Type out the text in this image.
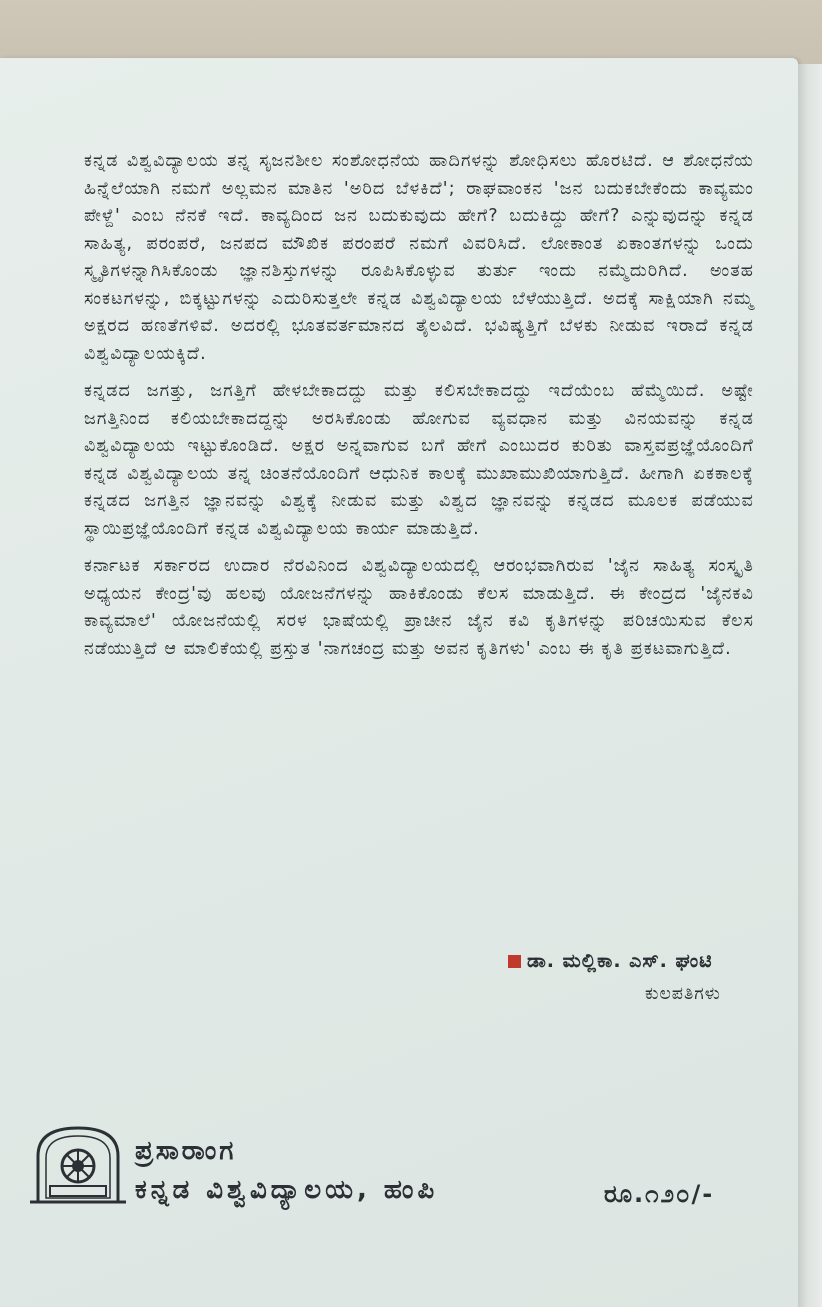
ಕನ್ನಡ ವಿಶ್ವವಿದ್ಯಾಲಯ ತನ್ನ ಸೃಜನಶೀಲ ಸಂಶೋಧನೆಯ ಹಾದಿಗಳನ್ನು ಶೋಧಿಸಲು ಹೊರಟಿದೆ. ಆ ಶೋಧನೆಯ ಹಿನ್ನೆಲೆಯಾಗಿ ನಮಗೆ ಅಲ್ಲಮನ ಮಾತಿನ 'ಅರಿದ ಬೆಳಕಿದೆ'; ರಾಘವಾಂಕನ 'ಜನ ಬದುಕಬೇಕೆಂದು ಕಾವ್ಯಮಂ ಪೇಳ್ದೆ' ಎಂಬ ನೆನಕೆ ಇದೆ. ಕಾವ್ಯದಿಂದ ಜನ ಬದುಕುವುದು ಹೇಗೆ? ಬದುಕಿದ್ದು ಹೇಗೆ? ಎನ್ನುವುದನ್ನು ಕನ್ನಡ ಸಾಹಿತ್ಯ, ಪರಂಪರೆ, ಜನಪದ ಮೌಖಿಕ ಪರಂಪರೆ ನಮಗೆ ವಿವರಿಸಿದೆ. ಲೋಕಾಂತ ಏಕಾಂತಗಳನ್ನು ಒಂದು ಸ್ಮೃತಿಗಳನ್ನಾಗಿಸಿಕೊಂಡು ಜ್ಞಾನಶಿಸ್ತುಗಳನ್ನು ರೂಪಿಸಿಕೊಳ್ಳುವ ತುರ್ತು ಇಂದು ನಮ್ಮೆದುರಿಗಿದೆ. ಅಂತಹ ಸಂಕಟಗಳನ್ನು, ಬಿಕ್ಕಟ್ಟುಗಳನ್ನು ಎದುರಿಸುತ್ತಲೇ ಕನ್ನಡ ವಿಶ್ವವಿದ್ಯಾಲಯ ಬೆಳೆಯುತ್ತಿದೆ. ಅದಕ್ಕೆ ಸಾಕ್ಷಿಯಾಗಿ ನಮ್ಮ ಅಕ್ಷರದ ಹಣತೆಗಳಿವೆ. ಅದರಲ್ಲಿ ಭೂತವರ್ತಮಾನದ ತೈಲವಿದೆ. ಭವಿಷ್ಯತ್ತಿಗೆ ಬೆಳಕು ನೀಡುವ ಇರಾದೆ ಕನ್ನಡ ವಿಶ್ವವಿದ್ಯಾಲಯಕ್ಕಿದೆ.

ಕನ್ನಡದ ಜಗತ್ತು, ಜಗತ್ತಿಗೆ ಹೇಳಬೇಕಾದದ್ದು ಮತ್ತು ಕಲಿಸಬೇಕಾದದ್ದು ಇದೆಯೆಂಬ ಹೆಮ್ಮೆಯಿದೆ. ಅಷ್ಟೇ ಜಗತ್ತಿನಿಂದ ಕಲಿಯಬೇಕಾದದ್ದನ್ನು ಅರಸಿಕೊಂಡು ಹೋಗುವ ವ್ಯವಧಾನ ಮತ್ತು ವಿನಯವನ್ನು ಕನ್ನಡ ವಿಶ್ವವಿದ್ಯಾಲಯ ಇಟ್ಟುಕೊಂಡಿದೆ. ಅಕ್ಷರ ಅನ್ನವಾಗುವ ಬಗೆ ಹೇಗೆ ಎಂಬುದರ ಕುರಿತು ವಾಸ್ತವಪ್ರಜ್ಞೆಯೊಂದಿಗೆ ಕನ್ನಡ ವಿಶ್ವವಿದ್ಯಾಲಯ ತನ್ನ ಚಿಂತನೆಯೊಂದಿಗೆ ಆಧುನಿಕ ಕಾಲಕ್ಕೆ ಮುಖಾಮುಖಿಯಾಗುತ್ತಿದೆ. ಹೀಗಾಗಿ ಏಕಕಾಲಕ್ಕೆ ಕನ್ನಡದ ಜಗತ್ತಿನ ಜ್ಞಾನವನ್ನು ವಿಶ್ವಕ್ಕೆ ನೀಡುವ ಮತ್ತು ವಿಶ್ವದ ಜ್ಞಾನವನ್ನು ಕನ್ನಡದ ಮೂಲಕ ಪಡೆಯುವ ಸ್ಥಾಯಿಪ್ರಜ್ಞೆಯೊಂದಿಗೆ ಕನ್ನಡ ವಿಶ್ವವಿದ್ಯಾಲಯ ಕಾರ್ಯ ಮಾಡುತ್ತಿದೆ.

ಕರ್ನಾಟಕ ಸರ್ಕಾರದ ಉದಾರ ನೆರವಿನಿಂದ ವಿಶ್ವವಿದ್ಯಾಲಯದಲ್ಲಿ ಆರಂಭವಾಗಿರುವ 'ಜೈನ ಸಾಹಿತ್ಯ ಸಂಸ್ಕೃತಿ ಅಧ್ಯಯನ ಕೇಂದ್ರ'ವು ಹಲವು ಯೋಜನೆಗಳನ್ನು ಹಾಕಿಕೊಂಡು ಕೆಲಸ ಮಾಡುತ್ತಿದೆ. ಈ ಕೇಂದ್ರದ 'ಜೈನಕವಿ ಕಾವ್ಯಮಾಲೆ' ಯೋಜನೆಯಲ್ಲಿ ಸರಳ ಭಾಷೆಯಲ್ಲಿ ಪ್ರಾಚೀನ ಜೈನ ಕವಿ ಕೃತಿಗಳನ್ನು ಪರಿಚಯಿಸುವ ಕೆಲಸ ನಡೆಯುತ್ತಿದೆ ಆ ಮಾಲಿಕೆಯಲ್ಲಿ ಪ್ರಸ್ತುತ 'ನಾಗಚಂದ್ರ ಮತ್ತು ಅವನ ಕೃತಿಗಳು' ಎಂಬ ಈ ಕೃತಿ ಪ್ರಕಟವಾಗುತ್ತಿದೆ.

ಡಾ. ಮಲ್ಲಿಕಾ. ಎಸ್. ಘಂಟಿ
ಕುಲಪತಿಗಳು
ಪ್ರಸಾರಾಂಗ
ಕನ್ನಡ ವಿಶ್ವವಿದ್ಯಾಲಯ, ಹಂಪಿ	ರೂ.೧೨೦/-
